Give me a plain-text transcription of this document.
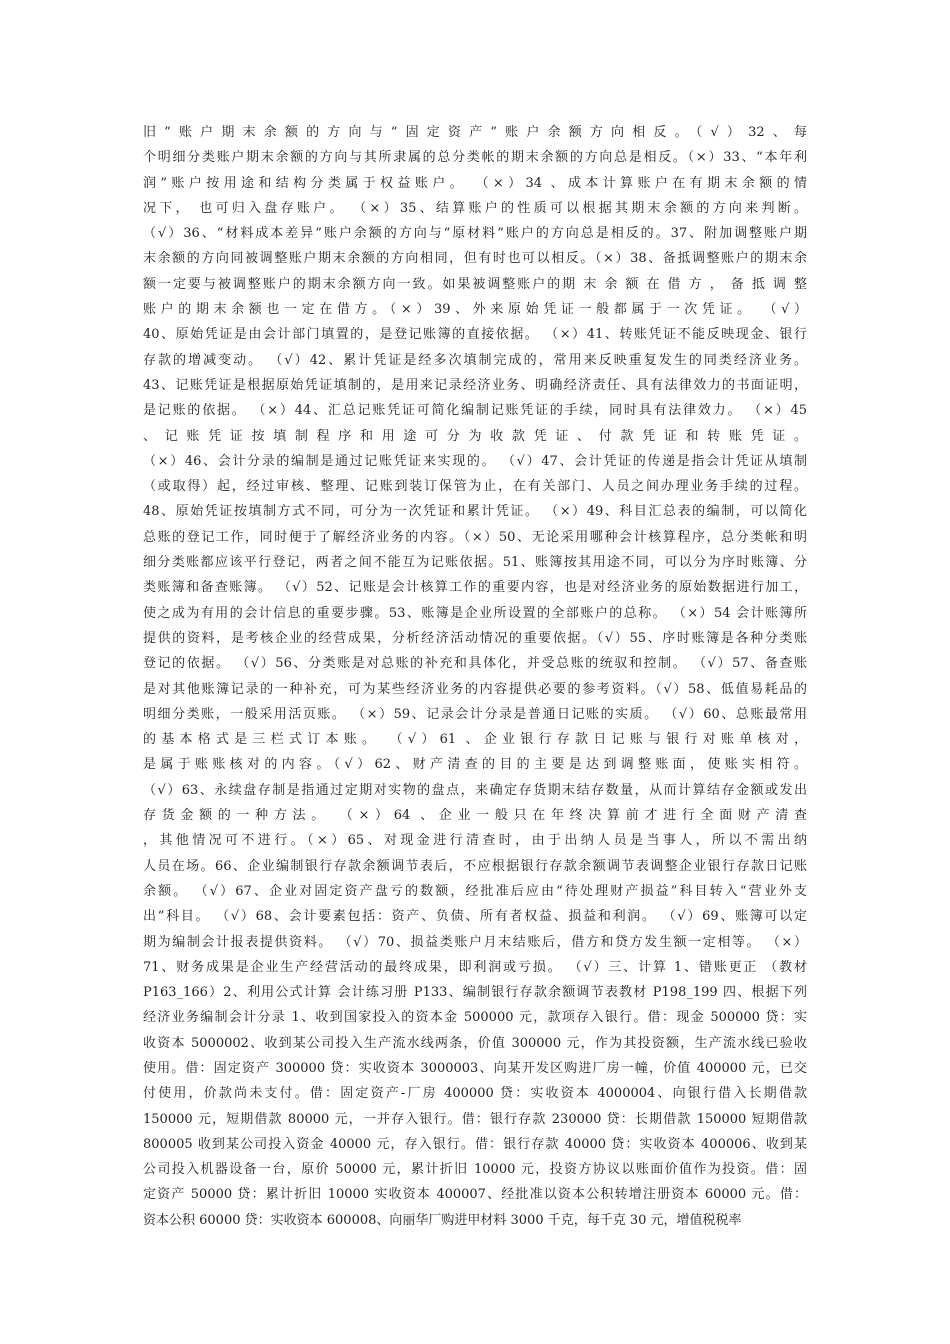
旧”账户期末余额的方向与“固定资产”账户余额方向相反。（√）32、每
个明细分类账户期末余额的方向与其所隶属的总分类帐的期末余额的方向总是相反。（×）33、“本年利
润”账户按用途和结构分类属于权益账户。 （×）34 、成本计算账户在有期末余额的情
况下， 也可归入盘存账户。 （×）35、结算账户的性质可以根据其期末余额的方向来判断。
（√）36、“材料成本差异”账户余额的方向与“原材料”账户的方向总是相反的。37、附加调整账户期
末余额的方向同被调整账户期末余额的方向相同，但有时也可以相反。（×）38、备抵调整账户的期末余
额一定要与被调整账户的期末余额方向一致。如果被调整账户的期 末 余 额 在 借 方 ， 备 抵 调 整
账户的期末余额也一定在借方。（×）39、外来原始凭证一般都属于一次凭证。 （√）
40、原始凭证是由会计部门填置的，是登记账簿的直接依据。 （×）41、转账凭证不能反映现金、银行
存款的增减变动。 （√）42、累计凭证是经多次填制完成的，常用来反映重复发生的同类经济业务。
43、记账凭证是根据原始凭证填制的，是用来记录经济业务、明确经济责任、具有法律效力的书面证明，
是记账的依据。 （×）44、汇总记账凭证可简化编制记账凭证的手续，同时具有法律效力。 （×）45
、记账凭证按填制程序和用途可分为收款凭证、付款凭证和转账凭证。
（×）46、会计分录的编制是通过记账凭证来实现的。 （√）47、会计凭证的传递是指会计凭证从填制
（或取得）起，经过审核、整理、记账到装订保管为止，在有关部门、人员之间办理业务手续的过程。
48、原始凭证按填制方式不同，可分为一次凭证和累计凭证。 （×）49、科目汇总表的编制，可以简化
总账的登记工作，同时便于了解经济业务的内容。（×）50、无论采用哪种会计核算程序，总分类帐和明
细分类账都应该平行登记，两者之间不能互为记账依据。51、账簿按其用途不同，可以分为序时账簿、分
类账簿和备查账簿。 （√）52、记账是会计核算工作的重要内容，也是对经济业务的原始数据进行加工，
使之成为有用的会计信息的重要步骤。53、账簿是企业所设置的全部账户的总称。 （×）54 会计账簿所
提供的资料，是考核企业的经营成果，分析经济活动情况的重要依据。（√）55、序时账簿是各种分类账
登记的依据。 （√）56、分类账是对总账的补充和具体化，并受总账的统驭和控制。 （√）57、备查账
是对其他账簿记录的一种补充，可为某些经济业务的内容提供必要的参考资料。（√）58、低值易耗品的
明细分类账，一般采用活页账。 （×）59、记录会计分录是普通日记账的实质。 （√）60、总账最常用
的基本格式是三栏式订本账。 （√）61 、企业银行存款日记账与银行对账单核对，
是属于账账核对的内容。（√）62、财产清查的目的主要是达到调整账面，使账实相符。
（√）63、永续盘存制是指通过定期对实物的盘点，来确定存货期末结存数量，从而计算结存金额或发出
存货金额的一种方法。 （×）64 、企业一般只在年终决算前才进行全面财产清查
，其他情况可不进行。（×）65、对现金进行清查时，由于出纳人员是当事人，所以不需出纳
人员在场。66、企业编制银行存款余额调节表后，不应根据银行存款余额调节表调整企业银行存款日记账
余额。 （√）67、企业对固定资产盘亏的数额，经批准后应由“待处理财产损益”科目转入“营业外支
出”科目。 （√）68、会计要素包括：资产、负债、所有者权益、损益和利润。 （√）69、账簿可以定
期为编制会计报表提供资料。 （√）70、损益类账户月末结账后，借方和贷方发生额一定相等。 （×）
71、财务成果是企业生产经营活动的最终成果，即利润或亏损。 （√）三、计算 1、错账更正 （教材
P163_166）2、利用公式计算 会计练习册 P133、编制银行存款余额调节表教材 P198_199 四、根据下列
经济业务编制会计分录 1、收到国家投入的资本金 500000 元，款项存入银行。借：现金 500000 贷：实
收资本 5000002、收到某公司投入生产流水线两条，价值 300000 元，作为其投资额，生产流水线已验收
使用。借：固定资产 300000 贷：实收资本 3000003、向某开发区购进厂房一幢，价值 400000 元，已交
付使用，价款尚未支付。借：固定资产-厂房 400000 贷：实收资本 4000004、向银行借入长期借款
150000 元，短期借款 80000 元，一并存入银行。借：银行存款 230000 贷：长期借款 150000 短期借款
800005 收到某公司投入资金 40000 元，存入银行。借：银行存款 40000 贷：实收资本 400006、收到某
公司投入机器设备一台，原价 50000 元，累计折旧 10000 元，投资方协议以账面价值作为投资。借：固
定资产 50000 贷：累计折旧 10000 实收资本 400007、经批准以资本公积转增注册资本 60000 元。借：
资本公积 60000 贷：实收资本 600008、向丽华厂购进甲材料 3000 千克，每千克 30 元，增值税税率
